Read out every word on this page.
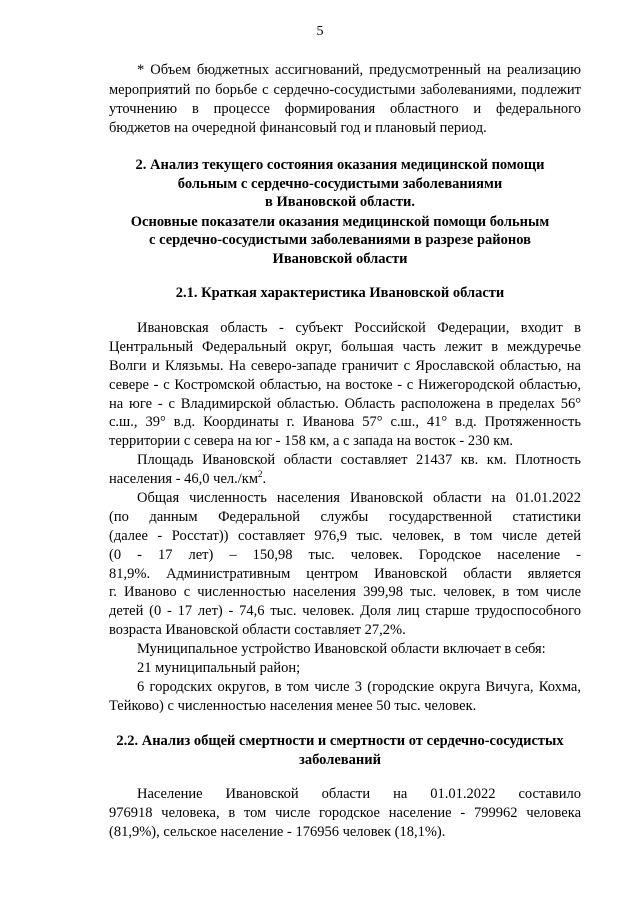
5
* Объем бюджетных ассигнований, предусмотренный на реализацию
мероприятий по борьбе с сердечно-сосудистыми заболеваниями, подлежит
уточнению в процессе формирования областного и федерального
бюджетов на очередной финансовый год и плановый период.
2. Анализ текущего состояния оказания медицинской помощи
больным с сердечно-сосудистыми заболеваниями
в Ивановской области.
Основные показатели оказания медицинской помощи больным
с сердечно-сосудистыми заболеваниями в разрезе районов
Ивановской области
2.1. Краткая характеристика Ивановской области
Ивановская область - субъект Российской Федерации, входит в
Центральный Федеральный округ, большая часть лежит в междуречье
Волги и Клязьмы. На северо-западе граничит с Ярославской областью, на
севере - с Костромской областью, на востоке - с Нижегородской областью,
на юге - с Владимирской областью. Область расположена в пределах 56°
с.ш., 39° в.д. Координаты г. Иванова 57° с.ш., 41° в.д. Протяженность
территории с севера на юг - 158 км, а с запада на восток - 230 км.
Площадь Ивановской области составляет 21437 кв. км. Плотность
населения - 46,0 $чел./км^2$.
Общая численность населения Ивановской области на 01.01.2022
(по данным Федеральной службы государственной статистики
(далее - Росстат)) составляет 976,9 тыс. человек, в том числе детей
(0 - 17 лет) – 150,98 тыс. человек. Городское население -
81,9%. Административным центром Ивановской области является
г. Иваново с численностью населения 399,98 тыс. человек, в том числе
детей (0 - 17 лет) - 74,6 тыс. человек. Доля лиц старше трудоспособного
возраста Ивановской области составляет 27,2%.
Муниципальное устройство Ивановской области включает в себя:
21 муниципальный район;
6 городских округов, в том числе 3 (городские округа Вичуга, Кохма,
Тейково) с численностью населения менее 50 тыс. человек.
2.2. Анализ общей смертности и смертности от сердечно-сосудистых
заболеваний
Население Ивановской области на 01.01.2022 составило
976918 человека, в том числе городское население - 799962 человека
(81,9%), сельское население - 176956 человек (18,1%).
